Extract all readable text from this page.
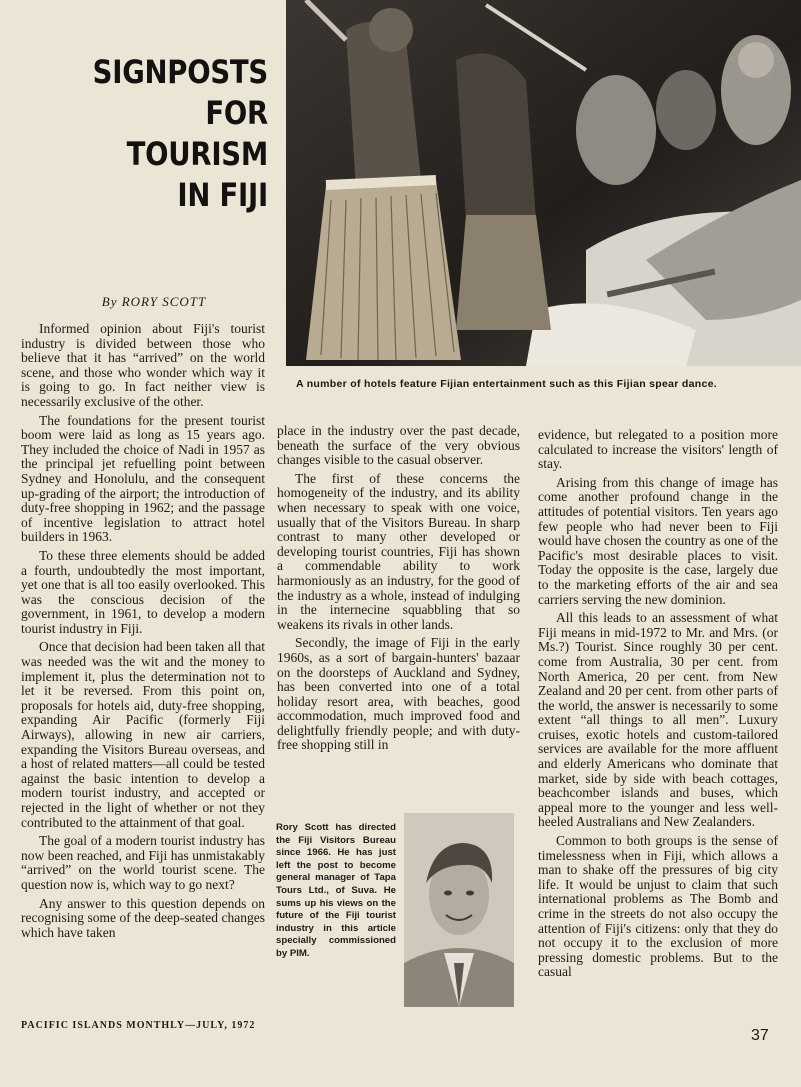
SIGNPOSTS
FOR TOURISM
IN FIJI
A number of hotels feature Fijian entertainment such as this Fijian spear dance.
By RORY SCOTT

Informed opinion about Fiji's tourist industry is divided between those who believe that it has “arrived” on the world scene, and those who wonder which way it is going to go. In fact neither view is necessarily exclusive of the other.

The foundations for the present tourist boom were laid as long as 15 years ago. They included the choice of Nadi in 1957 as the principal jet refuelling point between Sydney and Honolulu, and the consequent up-grading of the airport; the introduction of duty-free shopping in 1962; and the passage of incentive legislation to attract hotel builders in 1963.

To these three elements should be added a fourth, undoubtedly the most important, yet one that is all too easily overlooked. This was the conscious decision of the government, in 1961, to develop a modern tourist industry in Fiji.

Once that decision had been taken all that was needed was the wit and the money to implement it, plus the determination not to let it be reversed. From this point on, proposals for hotels aid, duty-free shopping, expanding Air Pacific (formerly Fiji Airways), allowing in new air carriers, expanding the Visitors Bureau overseas, and a host of related matters—all could be tested against the basic intention to develop a modern tourist industry, and accepted or rejected in the light of whether or not they contributed to the attainment of that goal.

The goal of a modern tourist industry has now been reached, and Fiji has unmistakably “arrived” on the world tourist scene. The question now is, which way to go next?

Any answer to this question depends on recognising some of the deep-seated changes which have taken

place in the industry over the past decade, beneath the surface of the very obvious changes visible to the casual observer.

The first of these concerns the homogeneity of the industry, and its ability when necessary to speak with one voice, usually that of the Visitors Bureau. In sharp contrast to many other developed or developing tourist countries, Fiji has shown a commendable ability to work harmoniously as an industry, for the good of the industry as a whole, instead of indulging in the internecine squabbling that so weakens its rivals in other lands.

Secondly, the image of Fiji in the early 1960s, as a sort of bargain-hunters' bazaar on the doorsteps of Auckland and Sydney, has been converted into one of a total holiday resort area, with beaches, good accommodation, much improved food and delightfully friendly people; and with duty-free shopping still in

Rory Scott has directed the Fiji Visitors Bureau since 1966. He has just left the post to become general manager of Tapa Tours Ltd., of Suva. He sums up his views on the future of the Fiji tourist industry in this article specially commissioned by PIM.

evidence, but relegated to a position more calculated to increase the visitors' length of stay.

Arising from this change of image has come another profound change in the attitudes of potential visitors. Ten years ago few people who had never been to Fiji would have chosen the country as one of the Pacific's most desirable places to visit. Today the opposite is the case, largely due to the marketing efforts of the air and sea carriers serving the new dominion.

All this leads to an assessment of what Fiji means in mid-1972 to Mr. and Mrs. (or Ms.?) Tourist. Since roughly 30 per cent. come from Australia, 30 per cent. from North America, 20 per cent. from New Zealand and 20 per cent. from other parts of the world, the answer is necessarily to some extent “all things to all men”. Luxury cruises, exotic hotels and custom-tailored services are available for the more affluent and elderly Americans who dominate that market, side by side with beach cottages, beachcomber islands and buses, which appeal more to the younger and less well-heeled Australians and New Zealanders.

Common to both groups is the sense of timelessness when in Fiji, which allows a man to shake off the pressures of big city life. It would be unjust to claim that such international problems as The Bomb and crime in the streets do not also occupy the attention of Fiji's citizens: only that they do not occupy it to the exclusion of more pressing domestic problems. But to the casual

PACIFIC ISLANDS MONTHLY—JULY, 1972
37
